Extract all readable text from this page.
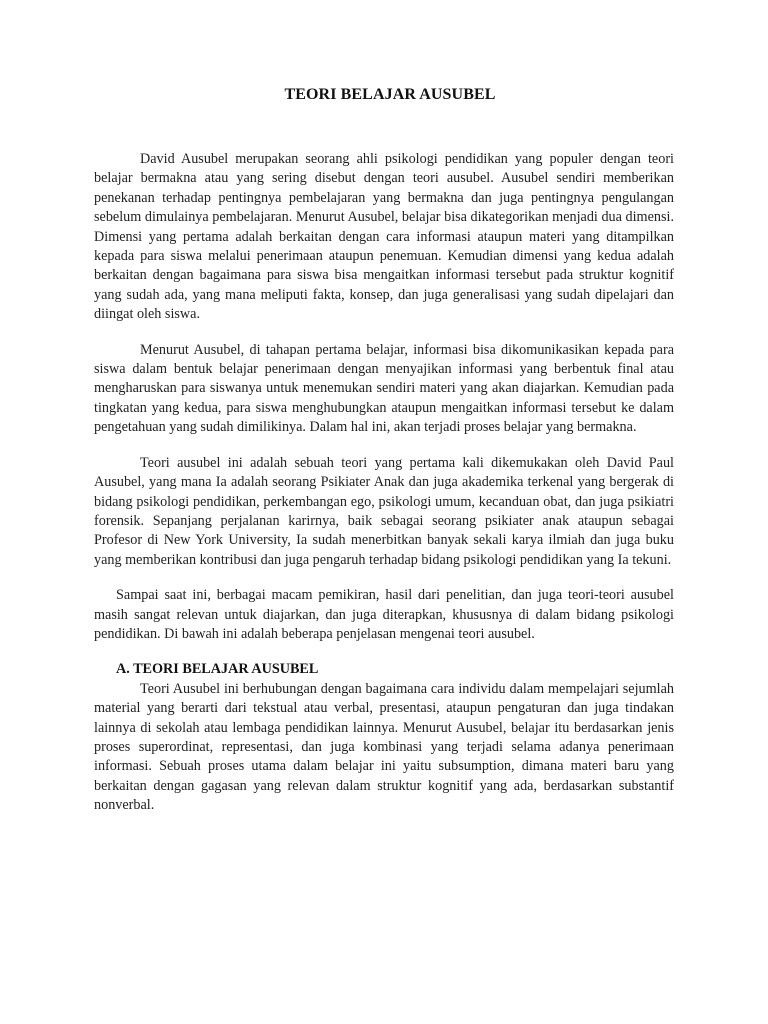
TEORI BELAJAR AUSUBEL

David Ausubel merupakan seorang ahli psikologi pendidikan yang populer dengan teori belajar bermakna atau yang sering disebut dengan teori ausubel. Ausubel sendiri memberikan penekanan terhadap pentingnya pembelajaran yang bermakna dan juga pentingnya pengulangan sebelum dimulainya pembelajaran. Menurut Ausubel, belajar bisa dikategorikan menjadi dua dimensi. Dimensi yang pertama adalah berkaitan dengan cara informasi ataupun materi yang ditampilkan kepada para siswa melalui penerimaan ataupun penemuan. Kemudian dimensi yang kedua adalah berkaitan dengan bagaimana para siswa bisa mengaitkan informasi tersebut pada struktur kognitif yang sudah ada, yang mana meliputi fakta, konsep, dan juga generalisasi yang sudah dipelajari dan diingat oleh siswa.

Menurut Ausubel, di tahapan pertama belajar, informasi bisa dikomunikasikan kepada para siswa dalam bentuk belajar penerimaan dengan menyajikan informasi yang berbentuk final atau mengharuskan para siswanya untuk menemukan sendiri materi yang akan diajarkan. Kemudian pada tingkatan yang kedua, para siswa menghubungkan ataupun mengaitkan informasi tersebut ke dalam pengetahuan yang sudah dimilikinya. Dalam hal ini, akan terjadi proses belajar yang bermakna.

Teori ausubel ini adalah sebuah teori yang pertama kali dikemukakan oleh David Paul Ausubel, yang mana Ia adalah seorang Psikiater Anak dan juga akademika terkenal yang bergerak di bidang psikologi pendidikan, perkembangan ego, psikologi umum, kecanduan obat, dan juga psikiatri forensik. Sepanjang perjalanan karirnya, baik sebagai seorang psikiater anak ataupun sebagai Profesor di New York University, Ia sudah menerbitkan banyak sekali karya ilmiah dan juga buku yang memberikan kontribusi dan juga pengaruh terhadap bidang psikologi pendidikan yang Ia tekuni.

Sampai saat ini, berbagai macam pemikiran, hasil dari penelitian, dan juga teori-teori ausubel masih sangat relevan untuk diajarkan, dan juga diterapkan, khususnya di dalam bidang psikologi pendidikan. Di bawah ini adalah beberapa penjelasan mengenai teori ausubel.

A. TEORI BELAJAR AUSUBEL

Teori Ausubel ini berhubungan dengan bagaimana cara individu dalam mempelajari sejumlah material yang berarti dari tekstual atau verbal, presentasi, ataupun pengaturan dan juga tindakan lainnya di sekolah atau lembaga pendidikan lainnya. Menurut Ausubel, belajar itu berdasarkan jenis proses superordinat, representasi, dan juga kombinasi yang terjadi selama adanya penerimaan informasi. Sebuah proses utama dalam belajar ini yaitu subsumption, dimana materi baru yang berkaitan dengan gagasan yang relevan dalam struktur kognitif yang ada, berdasarkan substantif nonverbal.
